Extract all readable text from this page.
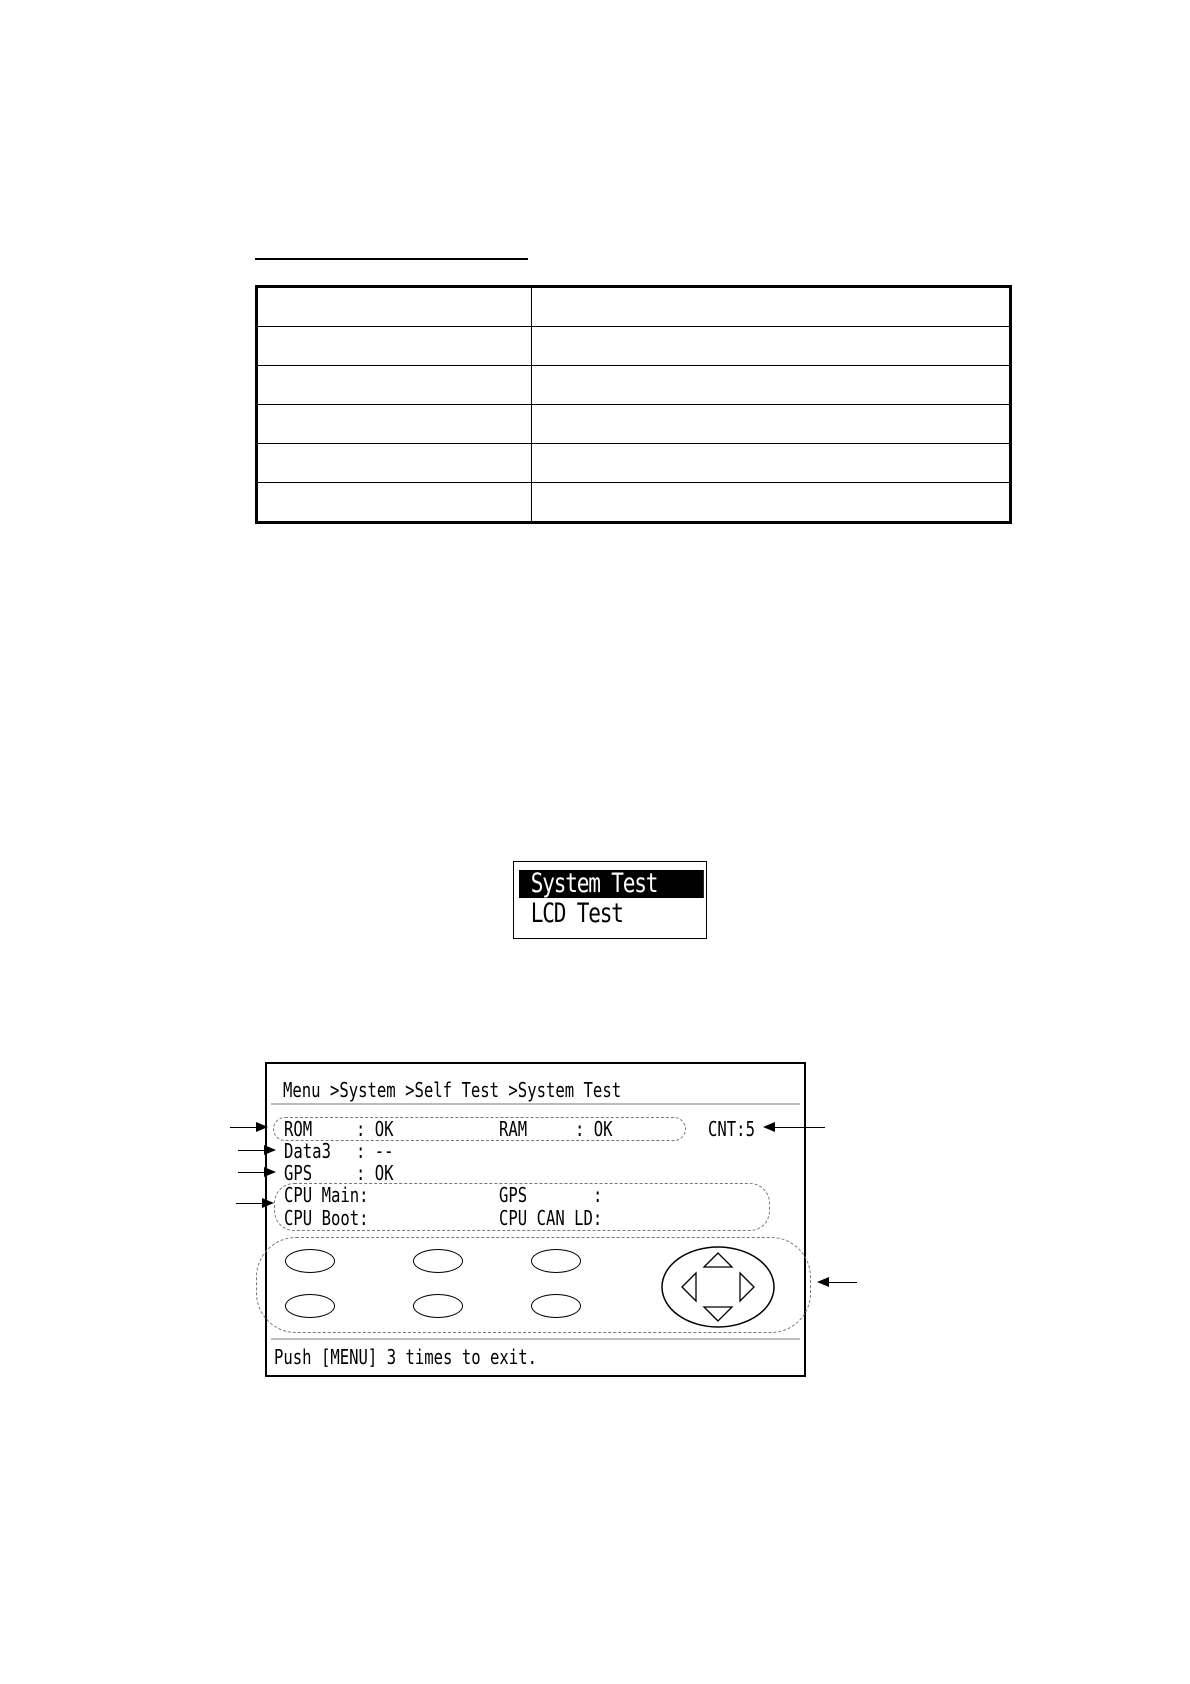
System Test
LCD Test
Menu >System >Self Test >System Test
ROM : OK	RAM : OK	CNT:5
Data3 : --
GPS : OK
CPU Main:	GPS	:
CPU Boot:	CPU CAN LD:
Push [MENU] 3 times to exit.
